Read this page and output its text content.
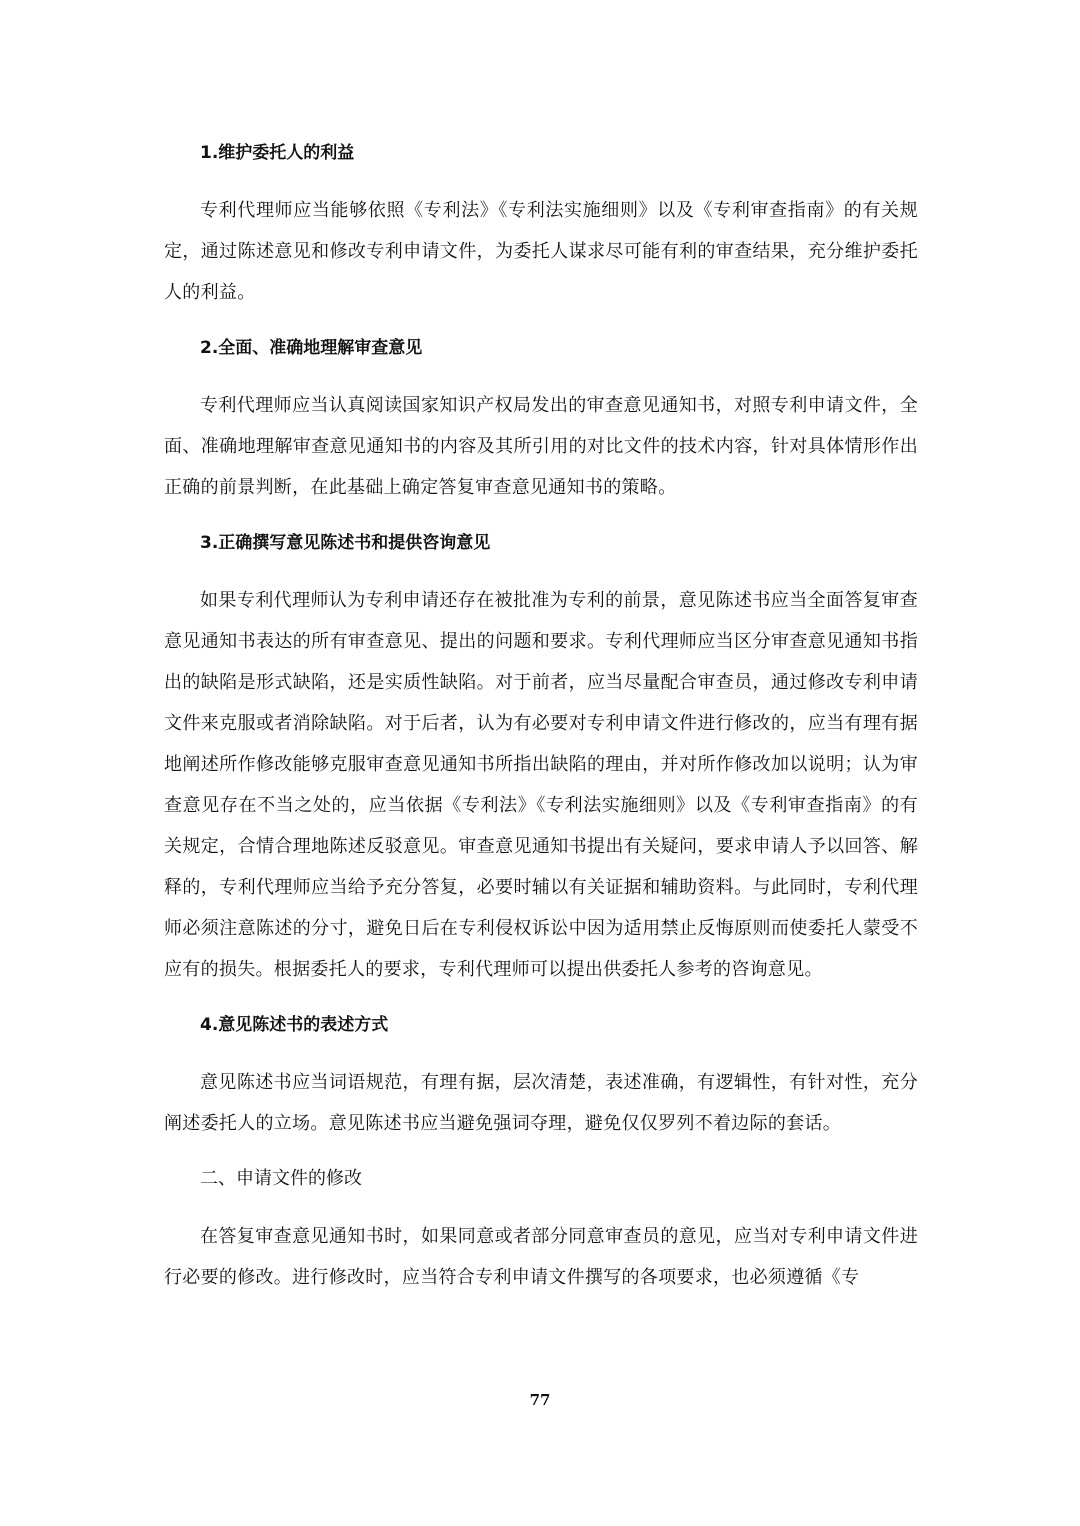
1.维护委托人的利益

专利代理师应当能够依照《专利法》《专利法实施细则》以及《专利审查指南》的有关规定，通过陈述意见和修改专利申请文件，为委托人谋求尽可能有利的审查结果，充分维护委托人的利益。

2.全面、准确地理解审查意见

专利代理师应当认真阅读国家知识产权局发出的审查意见通知书，对照专利申请文件，全面、准确地理解审查意见通知书的内容及其所引用的对比文件的技术内容，针对具体情形作出正确的前景判断，在此基础上确定答复审查意见通知书的策略。

3.正确撰写意见陈述书和提供咨询意见

如果专利代理师认为专利申请还存在被批准为专利的前景，意见陈述书应当全面答复审查意见通知书表达的所有审查意见、提出的问题和要求。专利代理师应当区分审查意见通知书指出的缺陷是形式缺陷，还是实质性缺陷。对于前者，应当尽量配合审查员，通过修改专利申请文件来克服或者消除缺陷。对于后者，认为有必要对专利申请文件进行修改的，应当有理有据地阐述所作修改能够克服审查意见通知书所指出缺陷的理由，并对所作修改加以说明；认为审查意见存在不当之处的，应当依据《专利法》《专利法实施细则》以及《专利审查指南》的有关规定，合情合理地陈述反驳意见。审查意见通知书提出有关疑问，要求申请人予以回答、解释的，专利代理师应当给予充分答复，必要时辅以有关证据和辅助资料。与此同时，专利代理师必须注意陈述的分寸，避免日后在专利侵权诉讼中因为适用禁止反悔原则而使委托人蒙受不应有的损失。根据委托人的要求，专利代理师可以提出供委托人参考的咨询意见。

4.意见陈述书的表述方式

意见陈述书应当词语规范，有理有据，层次清楚，表述准确，有逻辑性，有针对性，充分阐述委托人的立场。意见陈述书应当避免强词夺理，避免仅仅罗列不着边际的套话。

二、申请文件的修改

在答复审查意见通知书时，如果同意或者部分同意审查员的意见，应当对专利申请文件进行必要的修改。进行修改时，应当符合专利申请文件撰写的各项要求，也必须遵循《专

77
